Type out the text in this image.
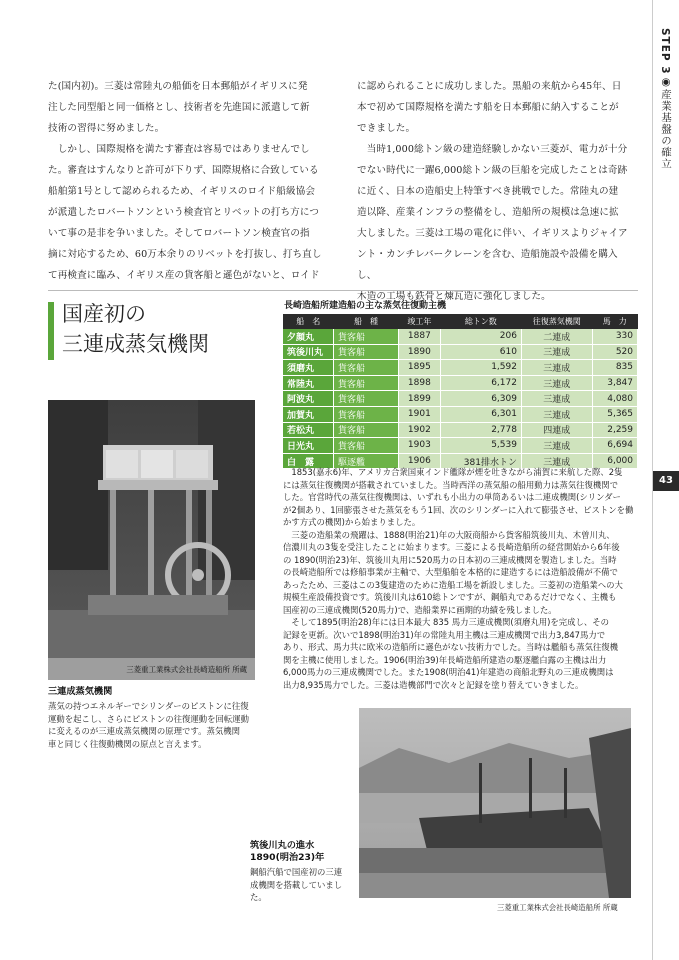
た(国内初)。三菱は常陸丸の船価を日本郵船がイギリスに発
注した同型船と同一価格とし、技術者を先進国に派遣して新
技術の習得に努めました。
　しかし、国際規格を満たす審査は容易ではありませんでし
た。審査はすんなりと許可が下りず、国際規格に合致している
船舶第1号として認められるため、イギリスのロイド船級協会
が派遣したロバートソンという検査官とリベットの打ち方につ
いて事の是非を争いました。そしてロバートソン検査官の指
摘に対応するため、60万本余りのリベットを打抜し、打ち直し
て再検査に臨み、イギリス産の貨客船と遜色がないと、ロイド
に認められることに成功しました。黒船の来航から45年、日
本で初めて国際規格を満たす船を日本郵船に納入することが
できました。
　当時1,000総トン級の建造経験しかない三菱が、電力が十分
でない時代に一躍6,000総トン級の巨船を完成したことは奇跡
に近く、日本の造船史上特筆すべき挑戦でした。常陸丸の建
造以降、産業インフラの整備をし、造船所の規模は急速に拡
大しました。三菱は工場の電化に伴い、イギリスよりジャイア
ント・カンチレバークレーンを含む、造船施設や設備を購入し、
木造の工場も鉄骨と煉瓦造に強化しました。
STEP 3
◉産業基盤の確立
43
国産初の
三連成蒸気機関
長崎造船所建造船の主な蒸気往復動主機
船　名	船　種	竣工年	総トン数	往復蒸気機関	馬　力
夕顔丸	貨客船	1887	206	二連成	330
筑後川丸	貨客船	1890	610	三連成	520
須磨丸	貨客船	1895	1,592	三連成	835
常陸丸	貨客船	1898	6,172	三連成	3,847
阿波丸	貨客船	1899	6,309	三連成	4,080
加賀丸	貨客船	1901	6,301	三連成	5,365
若松丸	貨客船	1902	2,778	四連成	2,259
日光丸	貨客船	1903	5,539	三連成	6,694
白　露	駆逐艦	1906	381排水トン	三連成	6,000
三菱重工業株式会社長崎造船所 所蔵
三連成蒸気機関
蒸気の持つエネルギーでシリンダーのピストンに往復
運動を起こし、さらにピストンの往復運動を回転運動
に変えるのが三連成蒸気機関の原理です。蒸気機関
車と同じく往復動機関の原点と言えます。
　1853(嘉永6)年、アメリカ合衆国東インド艦隊が煙を吐きながら浦賀に来航した際、2隻
には蒸気往復機関が搭載されていました。当時西洋の蒸気船の船用動力は蒸気往復機関で
した。官営時代の蒸気往復機関は、いずれも小出力の単筒あるいは二連成機関(シリンダー
が2個あり、1回膨張させた蒸気をもう1回、次のシリンダーに入れて膨張させ、ピストンを働
かす方式の機関)から始まりました。
　三菱の造船業の飛躍は、1888(明治21)年の大阪商船から貨客船筑後川丸、木曽川丸、
信濃川丸の3隻を受注したことに始まります。三菱による長崎造船所の経営開始から6年後
の 1890(明治23)年、筑後川丸用に520馬力の日本初の三連成機関を製造しました。当時
の長崎造船所では修船事業が主軸で、大型船舶を本格的に建造するには造船設備が不備で
あったため、三菱はこの3隻建造のために造船工場を新設しました。三菱初の造船業への大
規模生産設備投資です。筑後川丸は610総トンですが、鋼船丸であるだけでなく、主機も
国産初の三連成機関(520馬力)で、造船業界に画期的功績を残しました。
　そして1895(明治28)年には日本最大 835 馬力三連成機関(須磨丸用)を完成し、その
記録を更新。次いで1898(明治31)年の常陸丸用主機は三連成機関で出力3,847馬力で
あり、形式、馬力共に欧米の造船所に遜色がない技術力でした。当時は艦船も蒸気往復機
関を主機に使用しました。1906(明治39)年長崎造船所建造の駆逐艦白露の主機は出力
6,000馬力の三連成機関でした。また1908(明治41)年建造の商船北野丸の三連成機関は
出力8,935馬力でした。三菱は造機部門で次々と記録を塗り替えていきました。
三菱重工業株式会社長崎造船所 所蔵
筑後川丸の進水
1890(明治23)年
鋼船汽船で国産初の三連
成機関を搭載していました。
